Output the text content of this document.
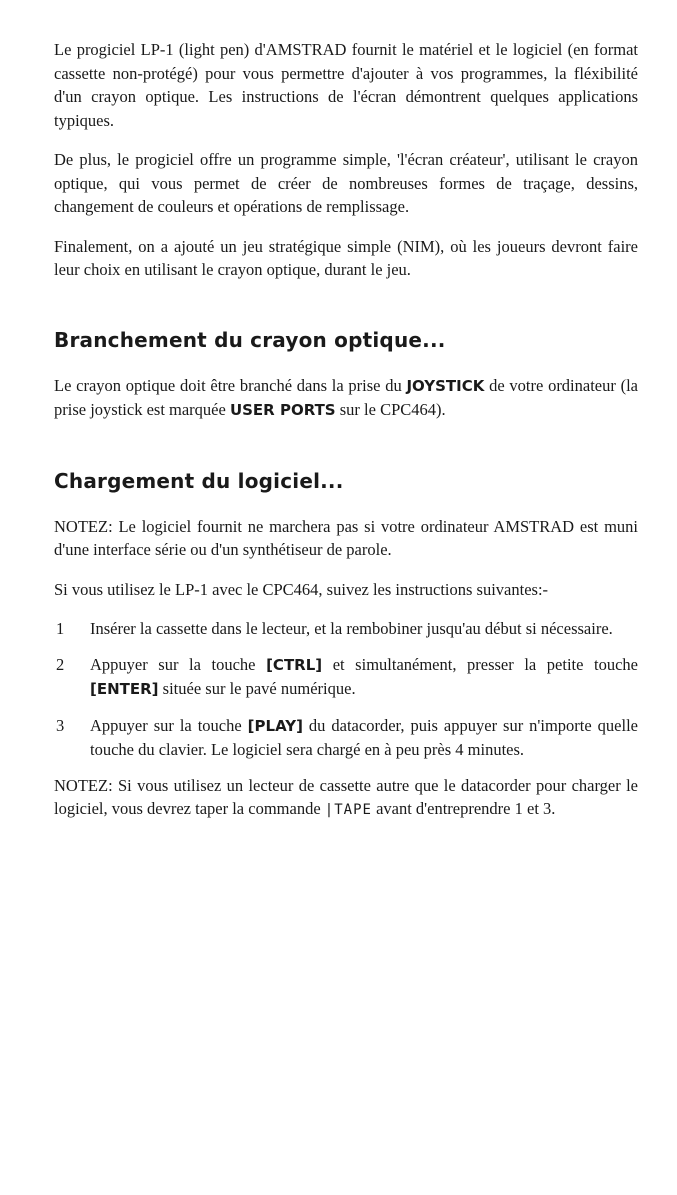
Le progiciel LP-1 (light pen) d'AMSTRAD fournit le matériel et le logiciel (en format cassette non-protégé) pour vous permettre d'ajouter à vos programmes, la fléxibilité d'un crayon optique. Les instructions de l'écran démontrent quelques applications typiques.

De plus, le progiciel offre un programme simple, 'l'écran créateur', utilisant le crayon optique, qui vous permet de créer de nombreuses formes de traçage, dessins, changement de couleurs et opérations de remplissage.

Finalement, on a ajouté un jeu stratégique simple (NIM), où les joueurs devront faire leur choix en utilisant le crayon optique, durant le jeu.

Branchement du crayon optique...

Le crayon optique doit être branché dans la prise du JOYSTICK de votre ordinateur (la prise joystick est marquée USER PORTS sur le CPC464).

Chargement du logiciel...

NOTEZ: Le logiciel fournit ne marchera pas si votre ordinateur AMSTRAD est muni d'une interface série ou d'un synthétiseur de parole.

Si vous utilisez le LP-1 avec le CPC464, suivez les instructions suivantes:-

1 Insérer la cassette dans le lecteur, et la rembobiner jusqu'au début si nécessaire.

2 Appuyer sur la touche [CTRL] et simultanément, presser la petite touche [ENTER] située sur le pavé numérique.

3 Appuyer sur la touche [PLAY] du datacorder, puis appuyer sur n'importe quelle touche du clavier. Le logiciel sera chargé en à peu près 4 minutes.

NOTEZ: Si vous utilisez un lecteur de cassette autre que le datacorder pour charger le logiciel, vous devrez taper la commande |TAPE avant d'entreprendre 1 et 3.
